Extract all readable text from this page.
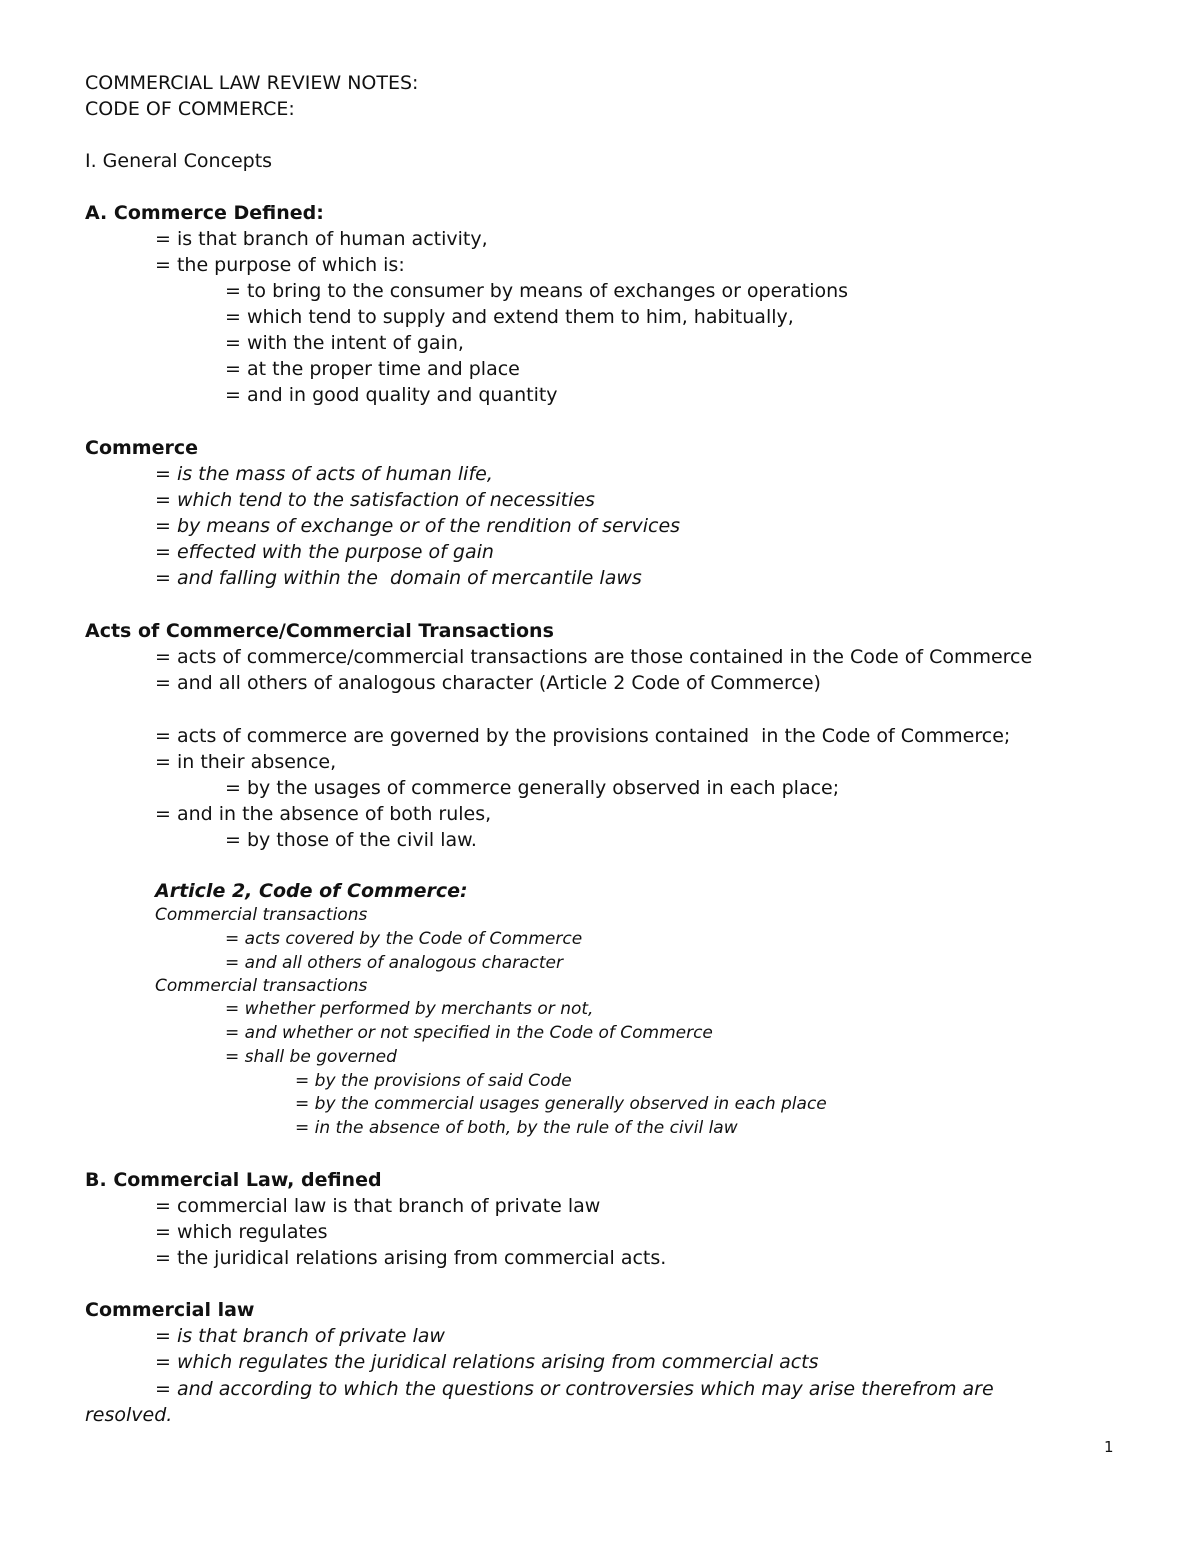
COMMERCIAL LAW REVIEW NOTES:
CODE OF COMMERCE:
I. General Concepts
A. Commerce Defined:
= is that branch of human activity,
= the purpose of which is:
= to bring to the consumer by means of exchanges or operations
= which tend to supply and extend them to him, habitually,
= with the intent of gain,
= at the proper time and place
= and in good quality and quantity
Commerce
= is the mass of acts of human life,
= which tend to the satisfaction of necessities
= by means of exchange or of the rendition of services
= effected with the purpose of gain
= and falling within the  domain of mercantile laws
Acts of Commerce/Commercial Transactions
= acts of commerce/commercial transactions are those contained in the Code of Commerce
= and all others of analogous character (Article 2 Code of Commerce)
= acts of commerce are governed by the provisions contained  in the Code of Commerce;
= in their absence,
= by the usages of commerce generally observed in each place;
= and in the absence of both rules,
= by those of the civil law.
Article 2, Code of Commerce:
Commercial transactions
= acts covered by the Code of Commerce
= and all others of analogous character
Commercial transactions
= whether performed by merchants or not,
= and whether or not specified in the Code of Commerce
= shall be governed
= by the provisions of said Code
= by the commercial usages generally observed in each place
= in the absence of both, by the rule of the civil law
B. Commercial Law, defined
= commercial law is that branch of private law
= which regulates
= the juridical relations arising from commercial acts.
Commercial law
= is that branch of private law
= which regulates the juridical relations arising from commercial acts
= and according to which the questions or controversies which may arise therefrom are
resolved.
1
